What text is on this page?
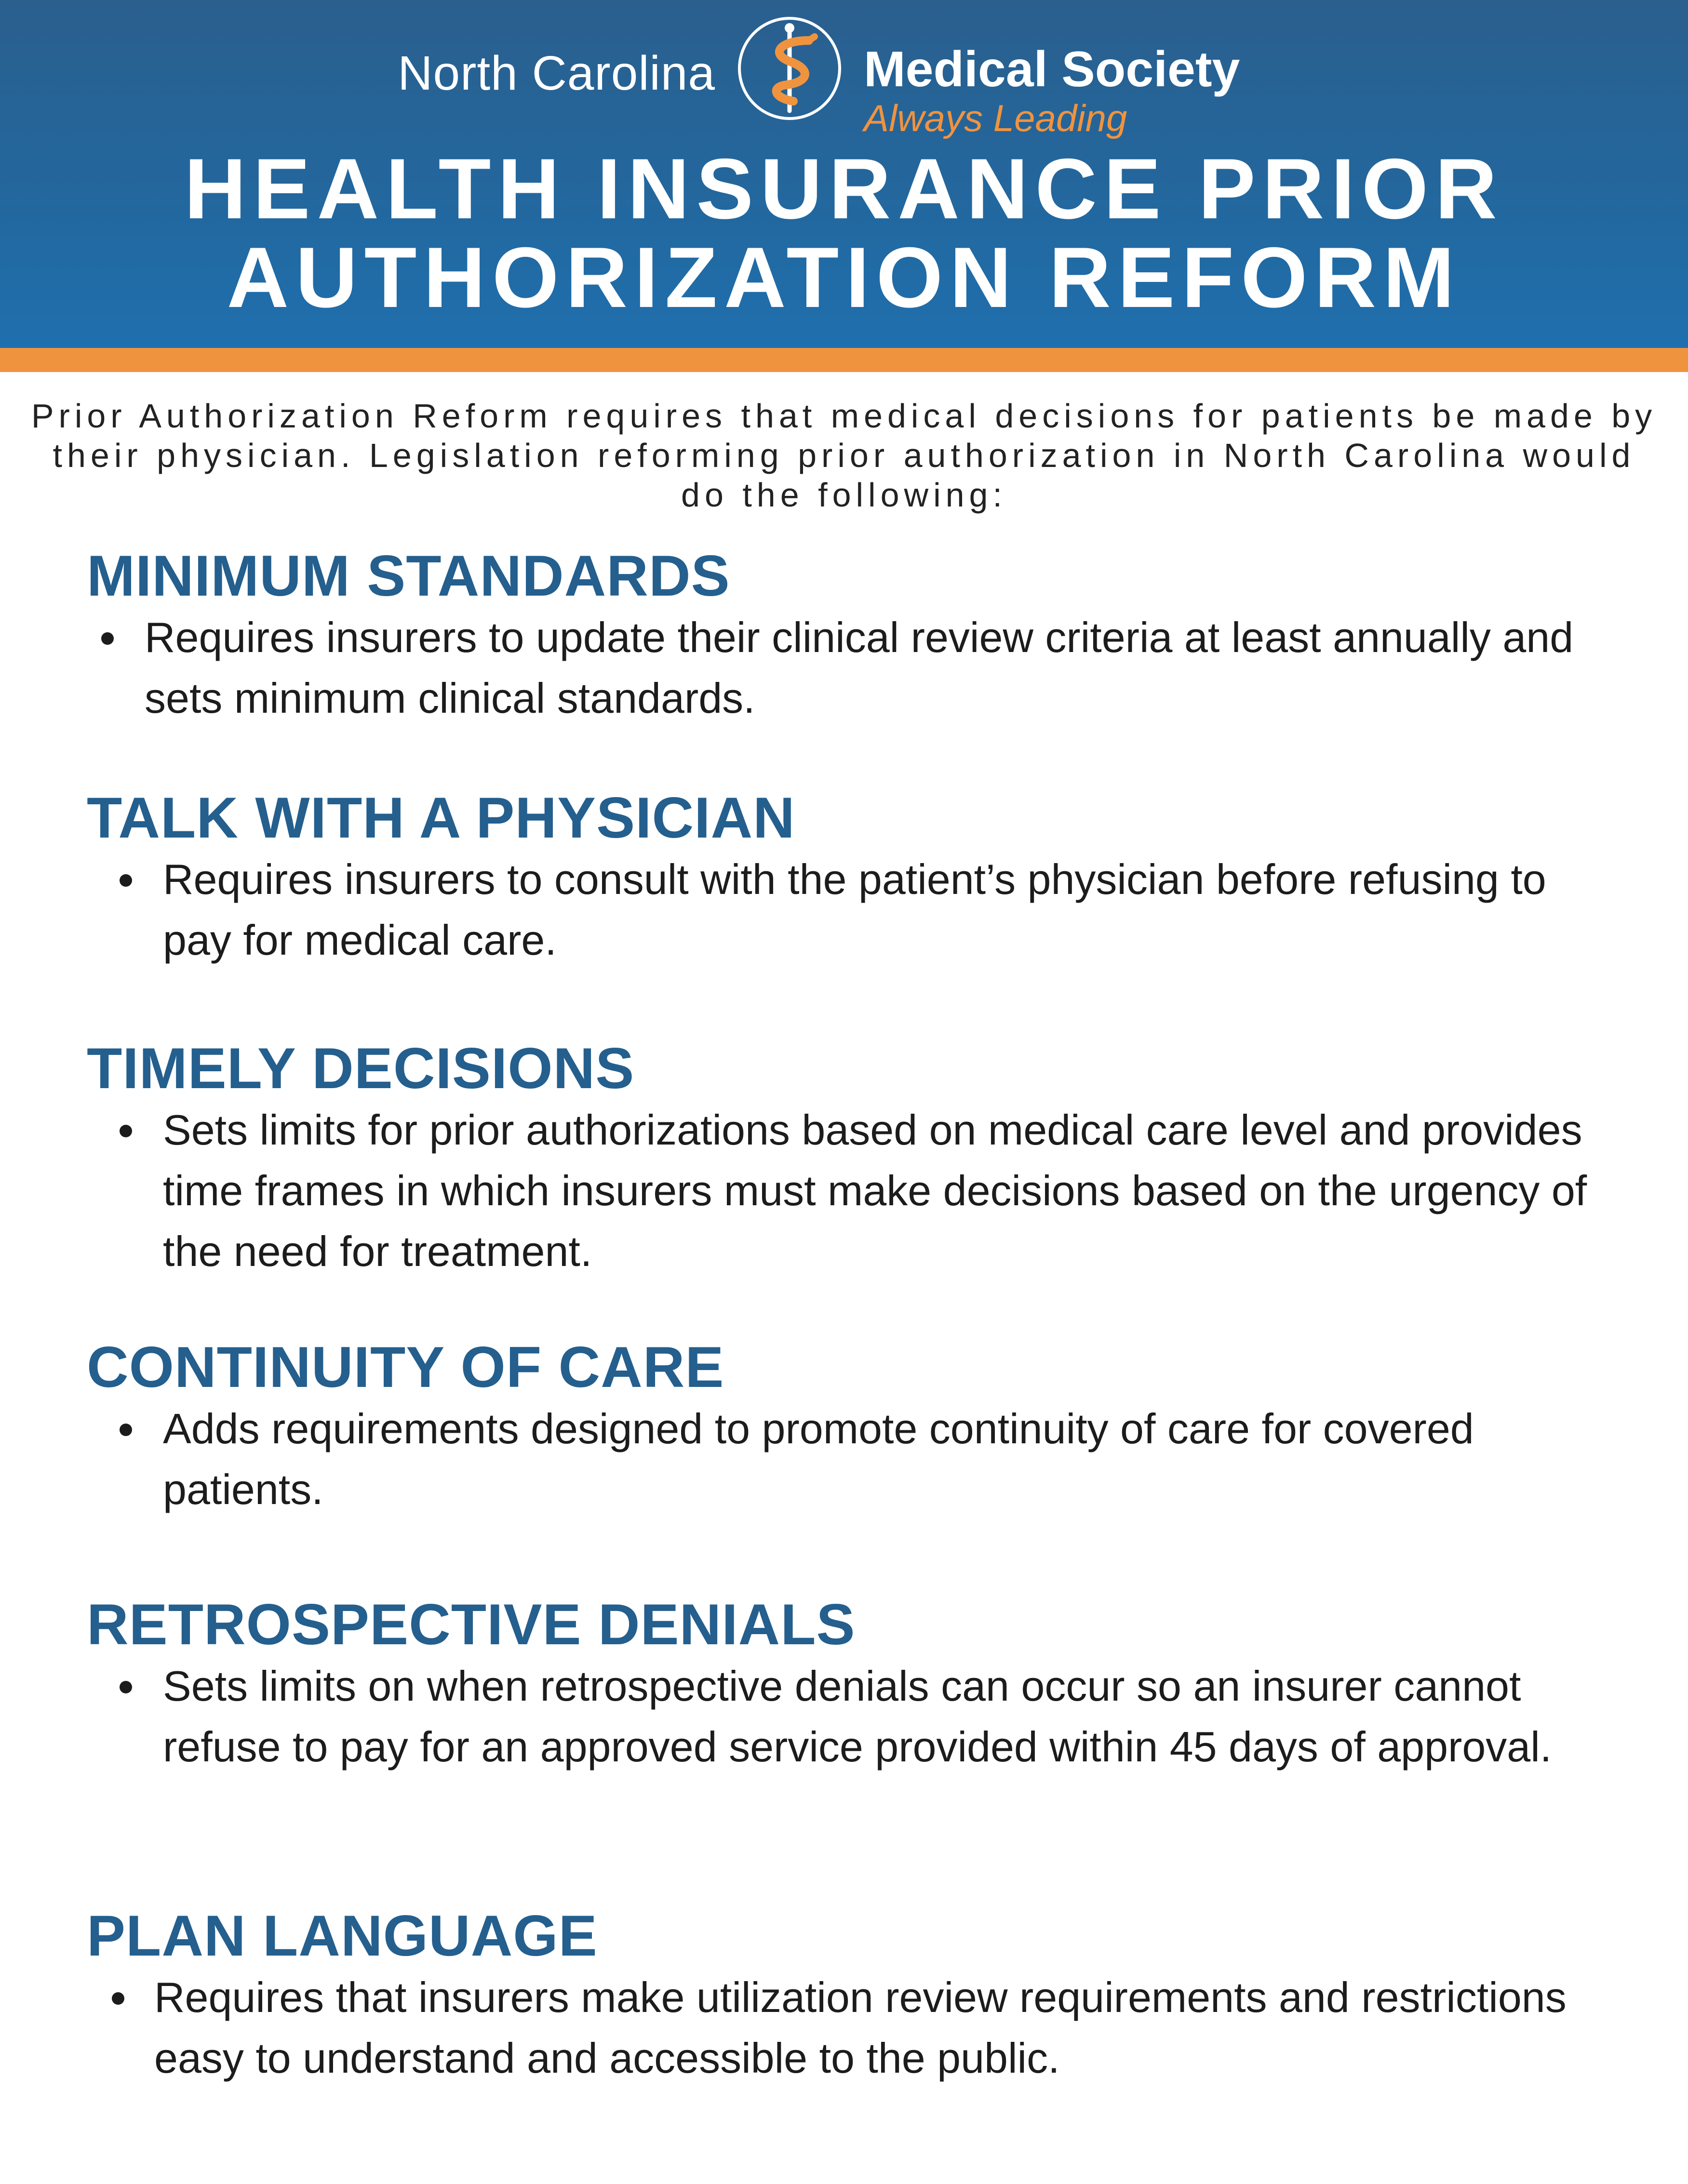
North Carolina	Medical Society
Always Leading
HEALTH INSURANCE PRIOR
AUTHORIZATION REFORM
Prior Authorization Reform requires that medical decisions for patients be made by their physician. Legislation reforming prior authorization in North Carolina would do the following:
MINIMUM STANDARDS
Requires insurers to update their clinical review criteria at least annually and sets minimum clinical standards.
TALK WITH A PHYSICIAN
Requires insurers to consult with the patient’s physician before refusing to pay for medical care.
TIMELY DECISIONS
Sets limits for prior authorizations based on medical care level and provides time frames in which insurers must make decisions based on the urgency of the need for treatment.
CONTINUITY OF CARE
Adds requirements designed to promote continuity of care for covered patients.
RETROSPECTIVE DENIALS
Sets limits on when retrospective denials can occur so an insurer cannot refuse to pay for an approved service provided within 45 days of approval.
PLAN LANGUAGE
Requires that insurers make utilization review requirements and restrictions easy to understand and accessible to the public.
